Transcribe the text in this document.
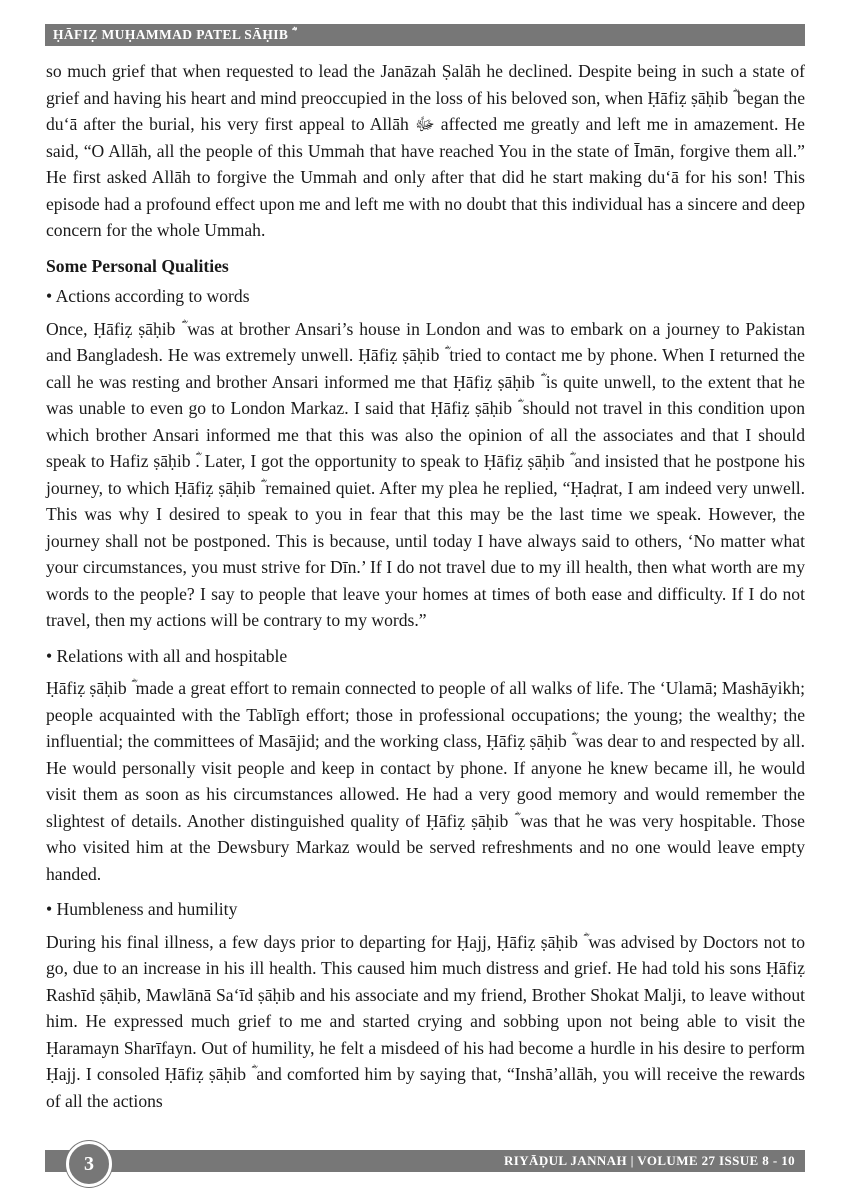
ḤĀFIẒ MUḤAMMAD PATEL SĀḤIB ؓ

so much grief that when requested to lead the Janāzah Ṣalāh he declined. Despite being in such a state of grief and having his heart and mind preoccupied in the loss of his beloved son, when Ḥāfiẓ ṣāḥib ؓ began the du‘ā after the burial, his very first appeal to Allāh ﷻ affected me greatly and left me in amazement. He said, “O Allāh, all the people of this Ummah that have reached You in the state of Īmān, forgive them all.” He first asked Allāh to forgive the Ummah and only after that did he start making du‘ā for his son! This episode had a profound effect upon me and left me with no doubt that this individual has a sincere and deep concern for the whole Ummah.

Some Personal Qualities

• Actions according to words

Once, Ḥāfiẓ ṣāḥib ؓ was at brother Ansari’s house in London and was to embark on a journey to Pakistan and Bangladesh. He was extremely unwell. Ḥāfiẓ ṣāḥib ؓ tried to contact me by phone. When I returned the call he was resting and brother Ansari informed me that Ḥāfiẓ ṣāḥib ؓ is quite unwell, to the extent that he was unable to even go to London Markaz. I said that Ḥāfiẓ ṣāḥib ؓ should not travel in this condition upon which brother Ansari informed me that this was also the opinion of all the associates and that I should speak to Hafiz ṣāḥib ؓ. Later, I got the opportunity to speak to Ḥāfiẓ ṣāḥib ؓ and insisted that he postpone his journey, to which Ḥāfiẓ ṣāḥib ؓ remained quiet. After my plea he replied, “Ḥaḍrat, I am indeed very unwell. This was why I desired to speak to you in fear that this may be the last time we speak. However, the journey shall not be postponed. This is because, until today I have always said to others, ‘No matter what your circumstances, you must strive for Dīn.’ If I do not travel due to my ill health, then what worth are my words to the people? I say to people that leave your homes at times of both ease and difficulty. If I do not travel, then my actions will be contrary to my words.”

• Relations with all and hospitable

Ḥāfiẓ ṣāḥib ؓ made a great effort to remain connected to people of all walks of life. The ‘Ulamā; Mashāyikh; people acquainted with the Tablīgh effort; those in professional occupations; the young; the wealthy; the influential; the committees of Masājid; and the working class, Ḥāfiẓ ṣāḥib ؓ was dear to and respected by all. He would personally visit people and keep in contact by phone. If anyone he knew became ill, he would visit them as soon as his circumstances allowed. He had a very good memory and would remember the slightest of details. Another distinguished quality of Ḥāfiẓ ṣāḥib ؓ was that he was very hospitable. Those who visited him at the Dewsbury Markaz would be served refreshments and no one would leave empty handed.

• Humbleness and humility

During his final illness, a few days prior to departing for Ḥajj, Ḥāfiẓ ṣāḥib ؓ was advised by Doctors not to go, due to an increase in his ill health. This caused him much distress and grief. He had told his sons Ḥāfiẓ Rashīd ṣāḥib, Mawlānā Sa‘īd ṣāḥib and his associate and my friend, Brother Shokat Malji, to leave without him. He expressed much grief to me and started crying and sobbing upon not being able to visit the Ḥaramayn Sharīfayn. Out of humility, he felt a misdeed of his had become a hurdle in his desire to perform Ḥajj. I consoled Ḥāfiẓ ṣāḥib ؓ and comforted him by saying that, “Inshā’allāh, you will receive the rewards of all the actions

RIYĀḌUL JANNAH | VOLUME 27 ISSUE 8 - 10
3
